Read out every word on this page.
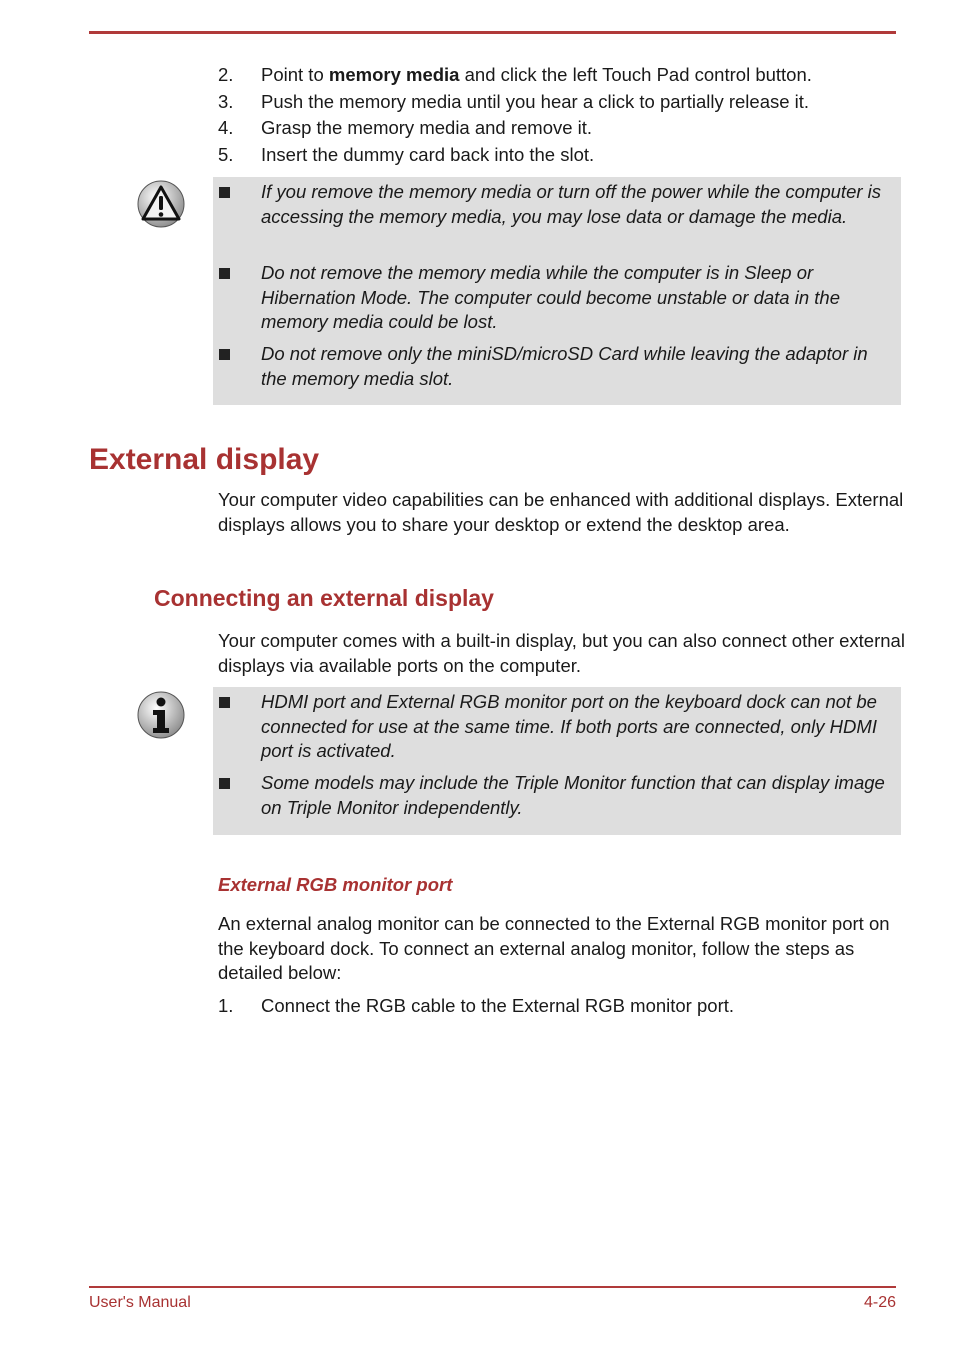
2. Point to memory media and click the left Touch Pad control button.
3. Push the memory media until you hear a click to partially release it.
4. Grasp the memory media and remove it.
5. Insert the dummy card back into the slot.
If you remove the memory media or turn off the power while the computer is accessing the memory media, you may lose data or damage the media.
Do not remove the memory media while the computer is in Sleep or Hibernation Mode. The computer could become unstable or data in the memory media could be lost.
Do not remove only the miniSD/microSD Card while leaving the adaptor in the memory media slot.
External display

Your computer video capabilities can be enhanced with additional displays. External displays allows you to share your desktop or extend the desktop area.

Connecting an external display

Your computer comes with a built-in display, but you can also connect other external displays via available ports on the computer.

HDMI port and External RGB monitor port on the keyboard dock can not be connected for use at the same time. If both ports are connected, only HDMI port is activated.
Some models may include the Triple Monitor function that can display image on Triple Monitor independently.
External RGB monitor port

An external analog monitor can be connected to the External RGB monitor port on the keyboard dock. To connect an external analog monitor, follow the steps as detailed below:

1. Connect the RGB cable to the External RGB monitor port.
User's Manual	4-26
